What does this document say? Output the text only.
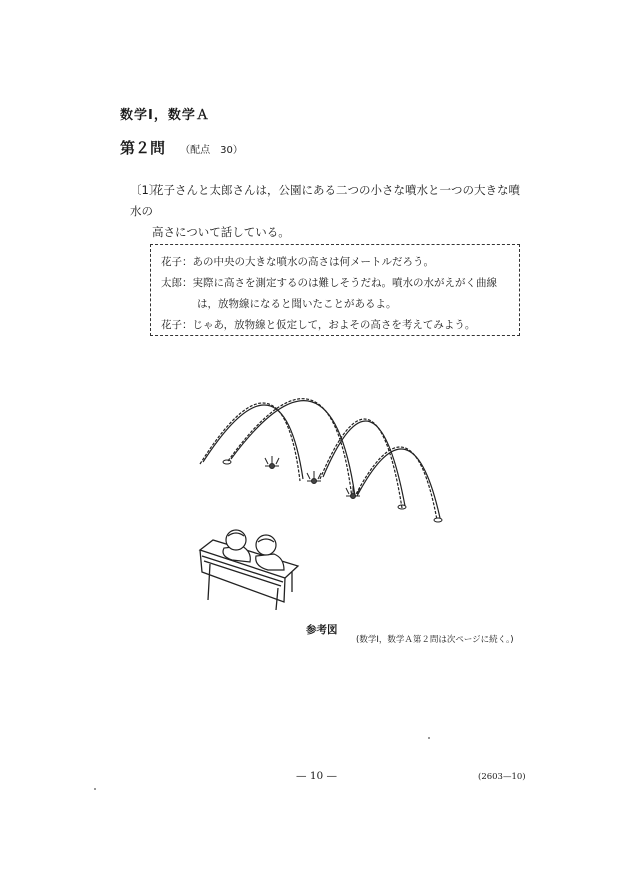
数学Ⅰ，数学Ａ
第２問 （配点　30）
〔1〕花子さんと太郎さんは，公園にある二つの小さな噴水と一つの大きな噴水の
高さについて話している。
花子：あの中央の大きな噴水の高さは何メートルだろう。
太郎：実際に高さを測定するのは難しそうだね。噴水の水がえがく曲線
は，放物線になると聞いたことがあるよ。
花子：じゃあ，放物線と仮定して，およその高さを考えてみよう。
参考図
(数学Ⅰ，数学Ａ第２問は次ページに続く。)
— 10 —	(2603—10)
